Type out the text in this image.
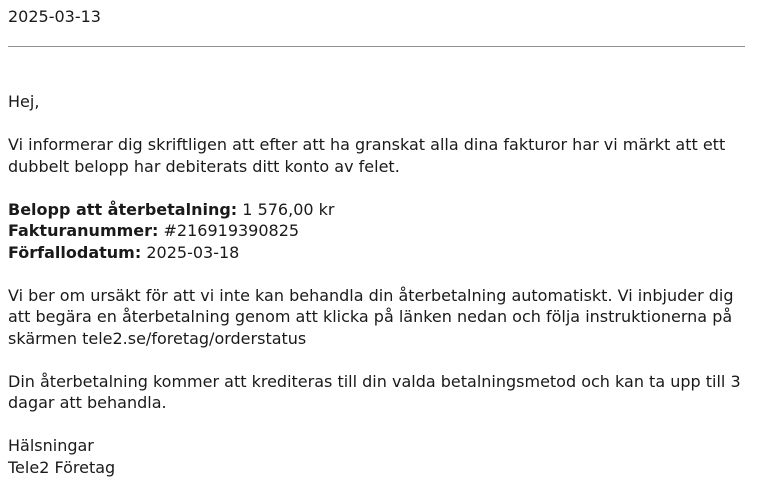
2025-03-13

Hej,

Vi informerar dig skriftligen att efter att ha granskat alla dina fakturor har vi märkt att ett dubbelt belopp har debiterats ditt konto av felet.

Belopp att återbetalning: 1 576,00 kr
Fakturanummer: #216919390825
Förfallodatum: 2025-03-18

Vi ber om ursäkt för att vi inte kan behandla din återbetalning automatiskt. Vi inbjuder dig att begära en återbetalning genom att klicka på länken nedan och följa instruktionerna på skärmen tele2.se/foretag/orderstatus

Din återbetalning kommer att krediteras till din valda betalningsmetod och kan ta upp till 3 dagar att behandla.

Hälsningar
Tele2 Företag
